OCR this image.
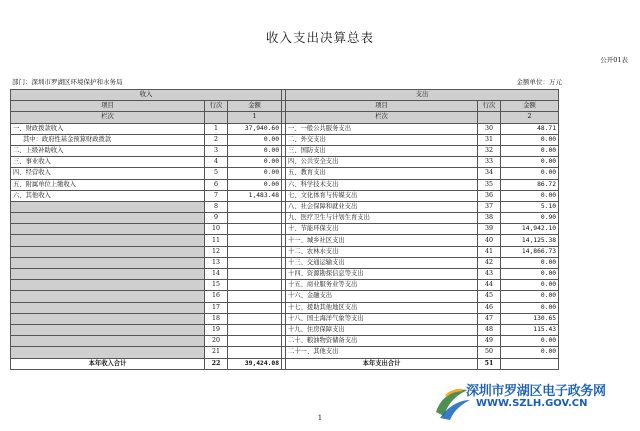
收入支出决算总表
公开01表
部门：深圳市罗湖区环境保护和水务局	金额单位：万元
收入				支出		
项目	行次	金额		项目	行次	金额
栏次		1		栏次		2
一、财政拨款收入	1	37,940.60		一、一般公共服务支出	30	48.71
其中：政府性基金预算财政拨款	2	0.00		二、外交支出	31	0.00
二、上级补助收入	3	0.00		三、国防支出	32	0.00
三、事业收入	4	0.00		四、公共安全支出	33	0.00
四、经营收入	5	0.00		五、教育支出	34	0.00
五、附属单位上缴收入	6	0.00		六、科学技术支出	35	86.72
六、其他收入	7	1,483.48		七、文化体育与传媒支出	36	0.00
	8			八、社会保障和就业支出	37	5.10
	9			九、医疗卫生与计划生育支出	38	0.90
	10			十、节能环保支出	39	14,942.10
	11			十一、城乡社区支出	40	14,125.38
	12			十二、农林水支出	41	14,866.73
	13			十三、交通运输支出	42	0.00
	14			十四、资源勘探信息等支出	43	0.00
	15			十五、商业服务业等支出	44	0.00
	16			十六、金融支出	45	0.00
	17			十七、援助其他地区支出	46	0.00
	18			十八、国土海洋气象等支出	47	130.65
	19			十九、住房保障支出	48	115.43
	20			二十、粮油物资储备支出	49	0.00
	21			二十一、其他支出	50	0.00
本年收入合计	22	39,424.08		本年支出合计	51	
1
深圳市罗湖区电子政务网
WWW.SZLH.GOV.CN
